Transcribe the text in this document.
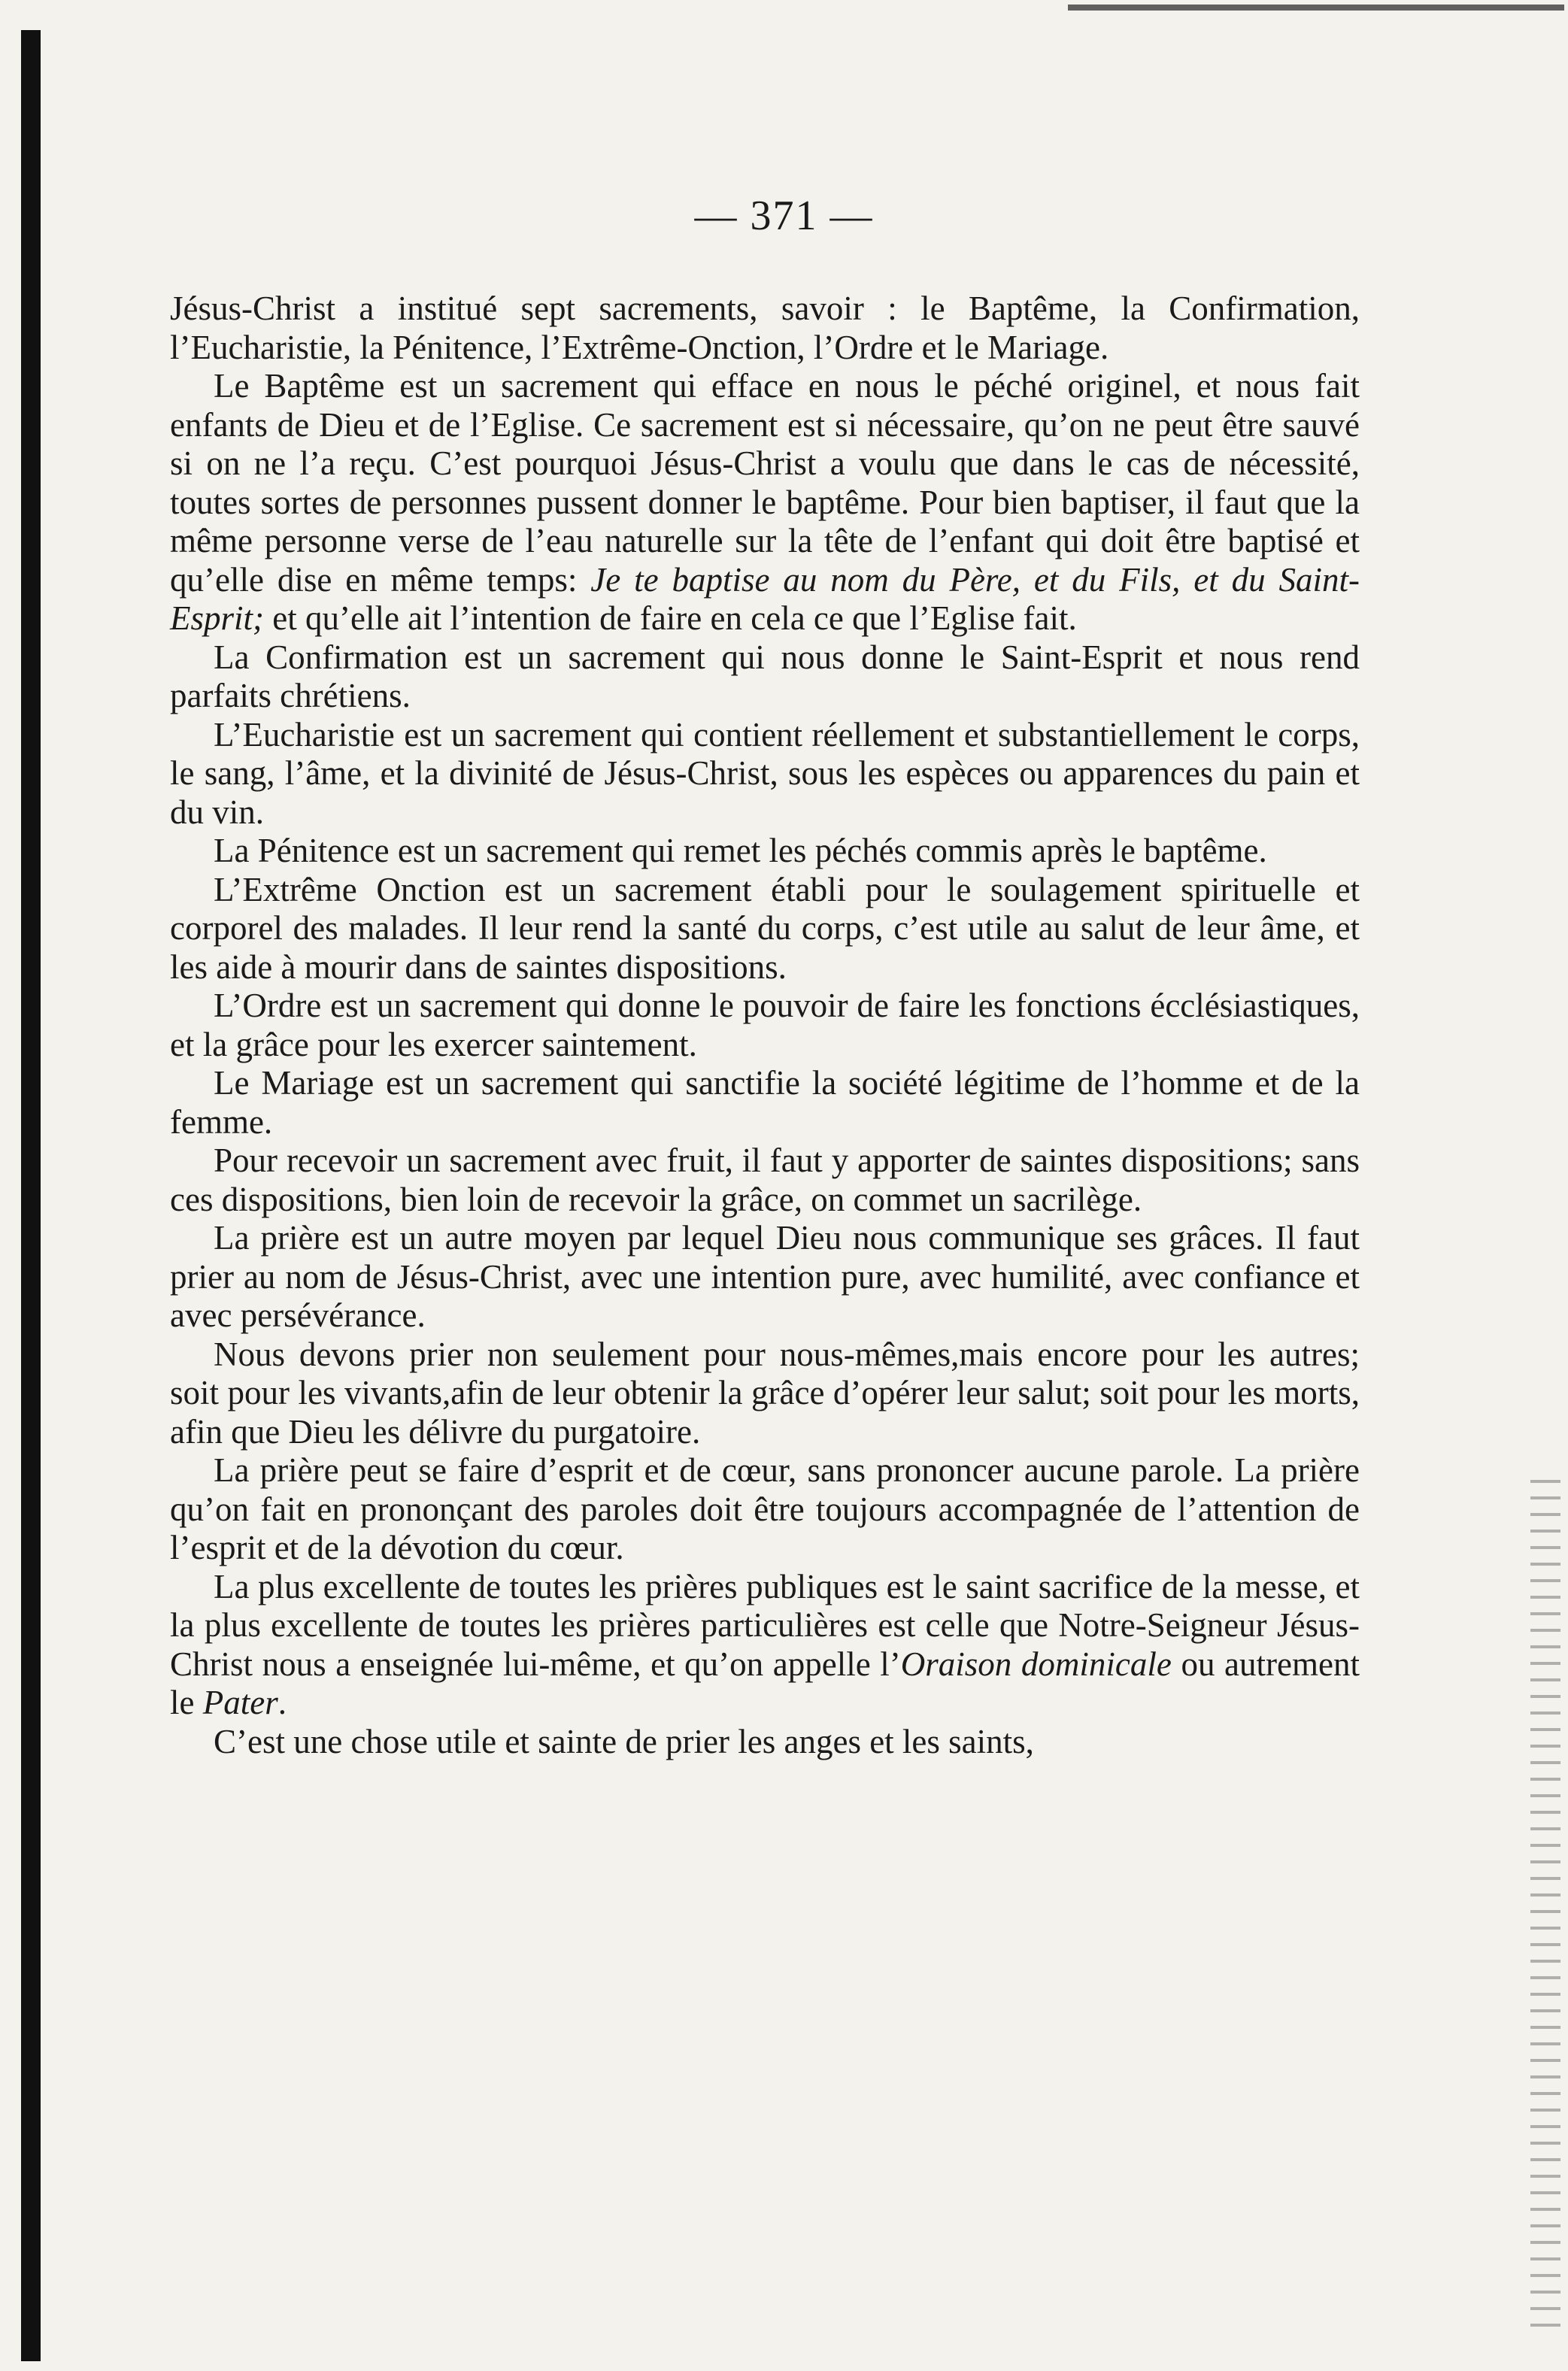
— 371 —

Jésus-Christ a institué sept sacrements, savoir : le Baptême, la Confirmation, l’Eucharistie, la Pénitence, l’Extrême-Onction, l’Ordre et le Mariage.

Le Baptême est un sacrement qui efface en nous le péché originel, et nous fait enfants de Dieu et de l’Eglise. Ce sacrement est si nécessaire, qu’on ne peut être sauvé si on ne l’a reçu. C’est pourquoi Jésus-Christ a voulu que dans le cas de nécessité, toutes sortes de personnes pussent donner le baptême. Pour bien baptiser, il faut que la même personne verse de l’eau naturelle sur la tête de l’enfant qui doit être baptisé et qu’elle dise en même temps: Je te baptise au nom du Père, et du Fils, et du Saint-Esprit; et qu’elle ait l’intention de faire en cela ce que l’Eglise fait.

La Confirmation est un sacrement qui nous donne le Saint-Esprit et nous rend parfaits chrétiens.

L’Eucharistie est un sacrement qui contient réellement et substantiellement le corps, le sang, l’âme, et la divinité de Jésus-Christ, sous les espèces ou apparences du pain et du vin.

La Pénitence est un sacrement qui remet les péchés commis après le baptême.

L’Extrême Onction est un sacrement établi pour le soulagement spirituelle et corporel des malades. Il leur rend la santé du corps, c’est utile au salut de leur âme, et les aide à mourir dans de saintes dispositions.

L’Ordre est un sacrement qui donne le pouvoir de faire les fonctions écclésiastiques, et la grâce pour les exercer saintement.

Le Mariage est un sacrement qui sanctifie la société légitime de l’homme et de la femme.

Pour recevoir un sacrement avec fruit, il faut y apporter de saintes dispositions; sans ces dispositions, bien loin de recevoir la grâce, on commet un sacrilège.

La prière est un autre moyen par lequel Dieu nous communique ses grâces. Il faut prier au nom de Jésus-Christ, avec une intention pure, avec humilité, avec confiance et avec persévérance.

Nous devons prier non seulement pour nous-mêmes,mais encore pour les autres; soit pour les vivants,afin de leur obtenir la grâce d’opérer leur salut; soit pour les morts, afin que Dieu les délivre du purgatoire.

La prière peut se faire d’esprit et de cœur, sans prononcer aucune parole. La prière qu’on fait en prononçant des paroles doit être toujours accompagnée de l’attention de l’esprit et de la dévotion du cœur.

La plus excellente de toutes les prières publiques est le saint sacrifice de la messe, et la plus excellente de toutes les prières particulières est celle que Notre-Seigneur Jésus-Christ nous a enseignée lui-même, et qu’on appelle l’Oraison dominicale ou autrement le Pater.

C’est une chose utile et sainte de prier les anges et les saints,
